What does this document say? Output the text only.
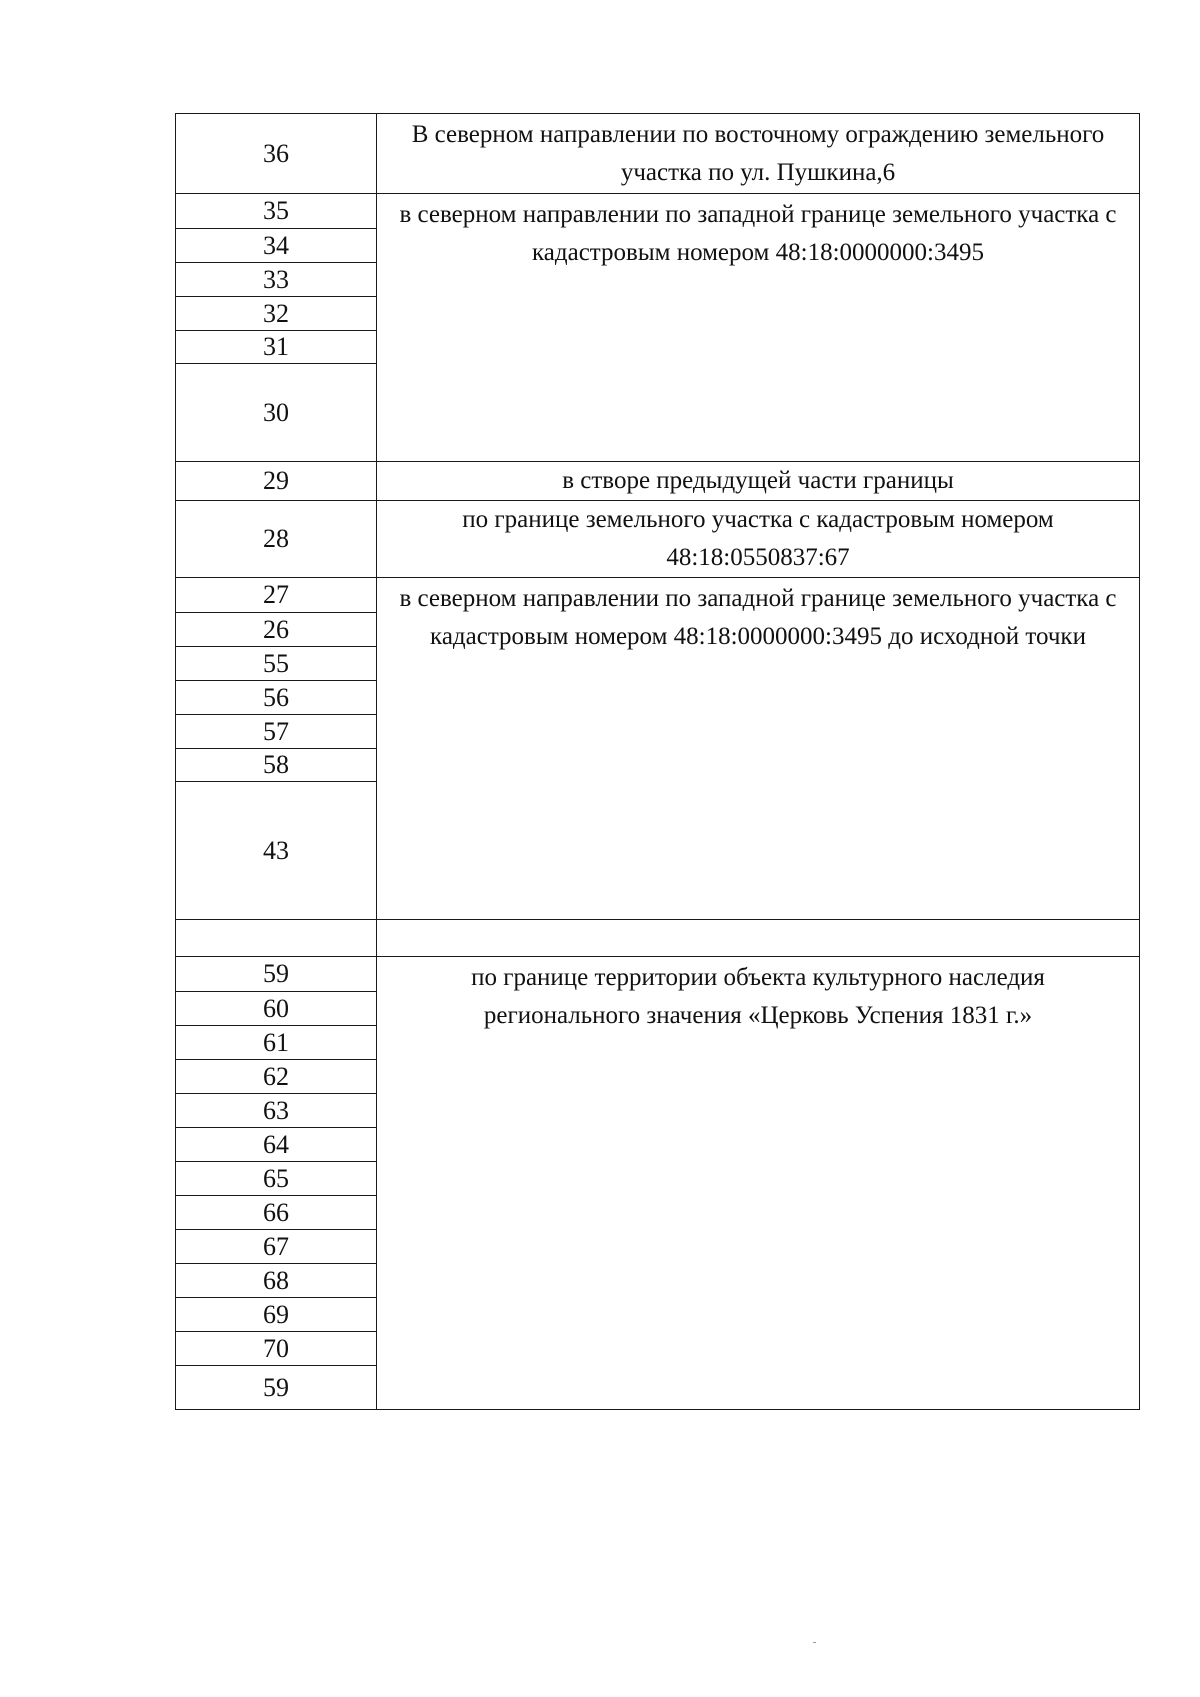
36
В северном направлении по восточному ограждению земельного участка по ул. Пушкина,6
35
34
33
32
31
30
в северном направлении по западной границе земельного участка с кадастровым номером 48:18:0000000:3495
29	в створе предыдущей части границы
28
по границе земельного участка с кадастровым номером 48:18:0550837:67
27
26
55
56
57
58
43
в северном направлении по западной границе земельного участка с кадастровым номером 48:18:0000000:3495 до исходной точки
59
60
61
62
63
64
65
66
67
68
69
70
59
по границе территории объекта культурного наследия регионального значения «Церковь Успения 1831 г.»
